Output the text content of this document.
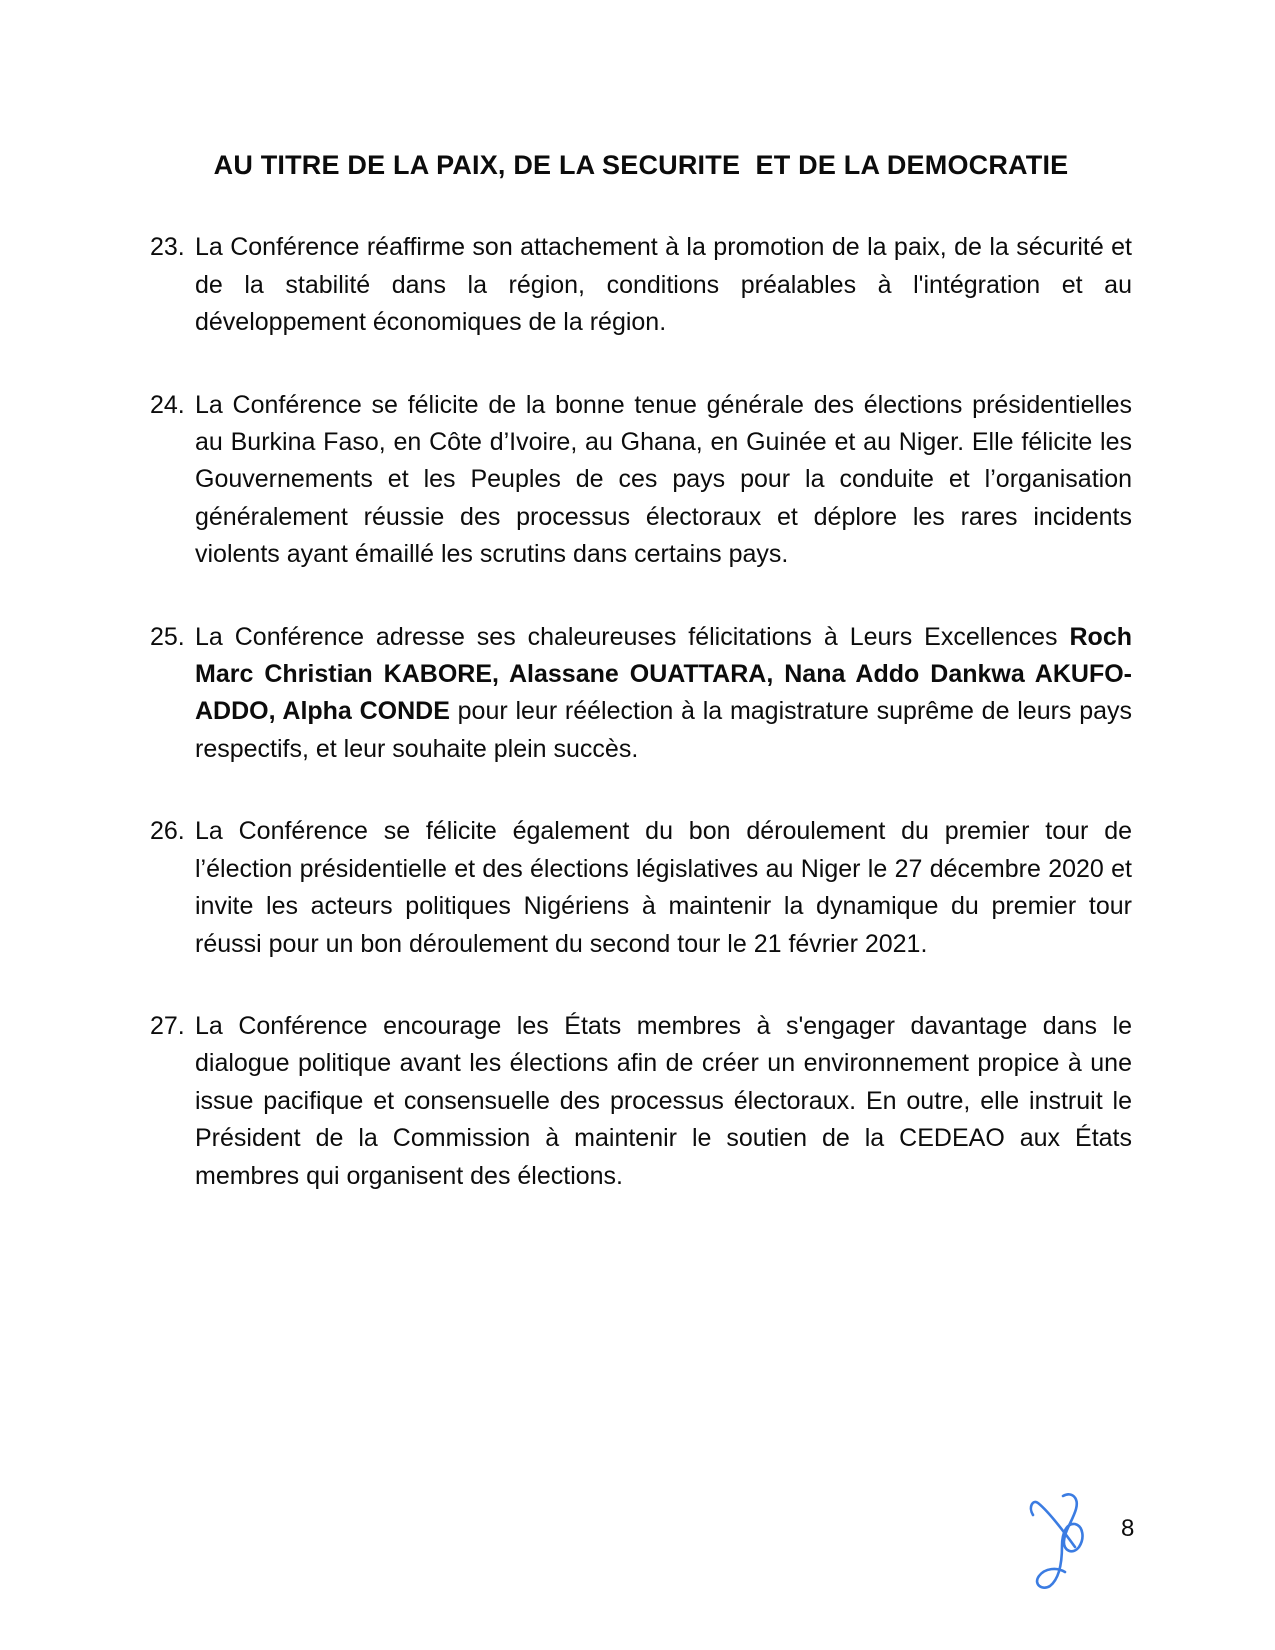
AU TITRE DE LA PAIX, DE LA SECURITE  ET DE LA DEMOCRATIE
23. La Conférence réaffirme son attachement à la promotion de la paix, de la sécurité et de la stabilité dans la région, conditions préalables à l'intégration et au développement économiques de la région.
24. La Conférence se félicite de la bonne tenue générale des élections présidentielles au Burkina Faso, en Côte d’Ivoire, au Ghana, en Guinée et au Niger. Elle félicite les Gouvernements et les Peuples de ces pays pour la conduite et l’organisation généralement réussie des processus électoraux et déplore les rares incidents violents ayant émaillé les scrutins dans certains pays.
25. La Conférence adresse ses chaleureuses félicitations à Leurs Excellences Roch Marc Christian KABORE, Alassane OUATTARA, Nana Addo Dankwa AKUFO-ADDO, Alpha CONDE pour leur réélection à la magistrature suprême de leurs pays respectifs, et leur souhaite plein succès.
26. La Conférence se félicite également du bon déroulement du premier tour de l’élection présidentielle et des élections législatives au Niger le 27 décembre 2020 et invite les acteurs politiques Nigériens à maintenir la dynamique du premier tour réussi pour un bon déroulement du second tour le 21 février 2021.
27. La Conférence encourage les États membres à s'engager davantage dans le dialogue politique avant les élections afin de créer un environnement propice à une issue pacifique et consensuelle des processus électoraux. En outre, elle instruit le Président de la Commission à maintenir le soutien de la CEDEAO aux États membres qui organisent des élections.
8
